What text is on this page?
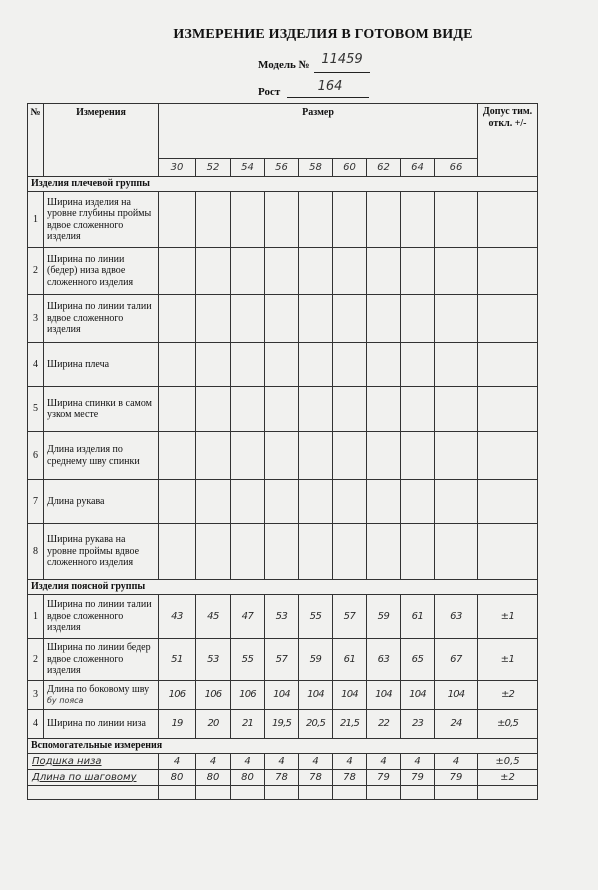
ИЗМЕРЕНИЕ ИЗДЕЛИЯ В ГОТОВОМ ВИДЕ
Модель № 11459
Рост	164
№	Измерения	Размер									Допус тим. откл. +/-
		30	52	54	56	58	60	62	64	66	
Изделия плечевой группы											
1	Ширина изделия на уровне глубины проймы вдвое сложенного изделия										
2	Ширина по линии (бедер) низа вдвое сложенного изделия										
3	Ширина по линии талии вдвое сложенного изделия										
4	Ширина плеча										
5	Ширина спинки в самом узком месте										
6	Длина изделия по среднему шву спинки										
7	Длина рукава										
8	Ширина рукава на уровне проймы вдвое сложенного изделия										
Изделия поясной группы											
1	Ширина по линии талии вдвое сложенного изделия	43	45	47	53	55	57	59	61	63	±1
2	Ширина по линии бедер вдвое сложенного изделия	51	53	55	57	59	61	63	65	67	±1
3	Длина по боковому шву бу пояса	106	106	106	104	104	104	104	104	104	±2
4	Ширина по линии низа	19	20	21	19,5	20,5	21,5	22	23	24	±0,5
Вспомогательные измерения											
Подшка низа		4	4	4	4	4	4	4	4	4	±0,5
Длина по шаговому		80	80	80	78	78	78	79	79	79	±2
